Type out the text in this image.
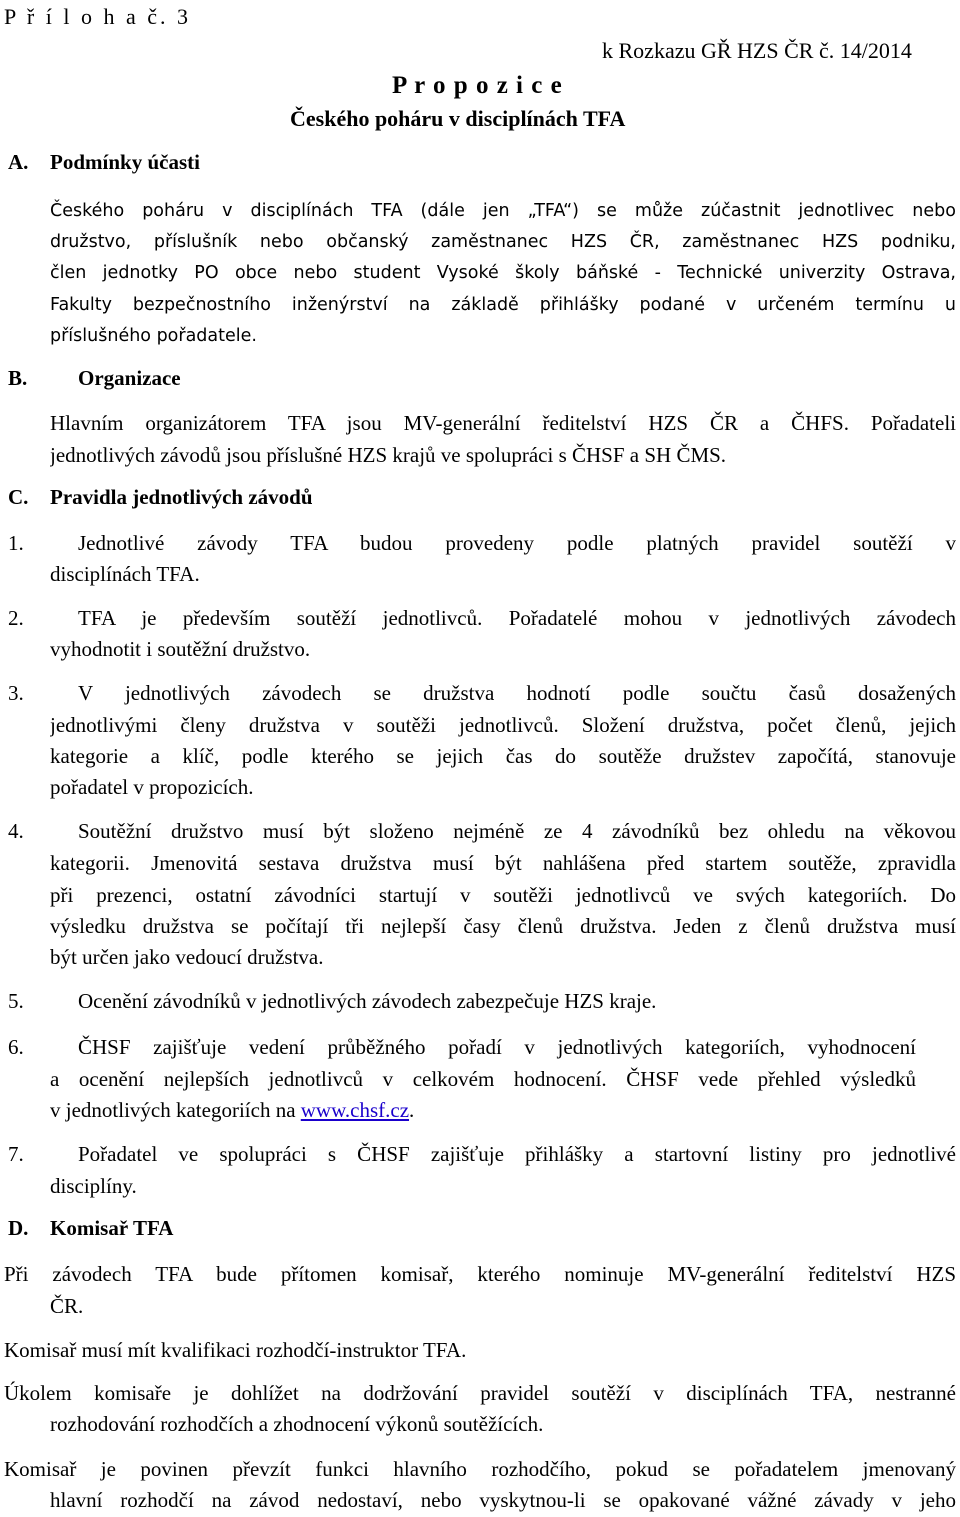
P ř í l o h a č. 3
k Rozkazu GŘ HZS ČR č. 14/2014
P r o p o z i c e
Českého poháru v disciplínách TFA
A. Podmínky účasti
Českého poháru v disciplínách TFA (dále jen „TFA“) se může zúčastnit jednotlivec nebo
družstvo, příslušník nebo občanský zaměstnanec HZS ČR, zaměstnanec HZS podniku,
člen jednotky PO obce nebo student Vysoké školy báňské - Technické univerzity Ostrava,
Fakulty bezpečnostního inženýrství na základě přihlášky podané v určeném termínu u
příslušného pořadatele.
B. Organizace
Hlavním organizátorem TFA jsou MV-generální ředitelství HZS ČR a ČHFS. Pořadateli
jednotlivých závodů jsou příslušné HZS krajů ve spolupráci s ČHSF a SH ČMS.
C. Pravidla jednotlivých závodů
1.	Jednotlivé závody TFA budou provedeny podle platných pravidel soutěží v
disciplínách TFA.
2.	TFA je především soutěží jednotlivců. Pořadatelé mohou v jednotlivých závodech
vyhodnotit i soutěžní družstvo.
3.	V jednotlivých závodech se družstva hodnotí podle součtu časů dosažených
jednotlivými členy družstva v soutěži jednotlivců. Složení družstva, počet členů, jejich
kategorie a klíč, podle kterého se jejich čas do soutěže družstev započítá, stanovuje
pořadatel v propozicích.
4.	Soutěžní družstvo musí být složeno nejméně ze 4 závodníků bez ohledu na věkovou
kategorii. Jmenovitá sestava družstva musí být nahlášena před startem soutěže, zpravidla
při prezenci, ostatní závodníci startují v soutěži jednotlivců ve svých kategoriích. Do
výsledku družstva se počítají tři nejlepší časy členů družstva. Jeden z členů družstva musí
být určen jako vedoucí družstva.
5.	Ocenění závodníků v jednotlivých závodech zabezpečuje HZS kraje.
6.	ČHSF zajišťuje vedení průběžného pořadí v jednotlivých kategoriích, vyhodnocení
a ocenění nejlepších jednotlivců v celkovém hodnocení. ČHSF vede přehled výsledků
v jednotlivých kategoriích na www.chsf.cz.
7.	Pořadatel ve spolupráci s ČHSF zajišťuje přihlášky a startovní listiny pro jednotlivé
disciplíny.
D. Komisař TFA
Při závodech TFA bude přítomen komisař, kterého nominuje MV-generální ředitelství HZS
ČR.
Komisař musí mít kvalifikaci rozhodčí-instruktor TFA.
Úkolem komisaře je dohlížet na dodržování pravidel soutěží v disciplínách TFA, nestranné
rozhodování rozhodčích a zhodnocení výkonů soutěžících.
Komisař je povinen převzít funkci hlavního rozhodčího, pokud se pořadatelem jmenovaný
hlavní rozhodčí na závod nedostaví, nebo vyskytnou-li se opakované vážné závady v jeho
